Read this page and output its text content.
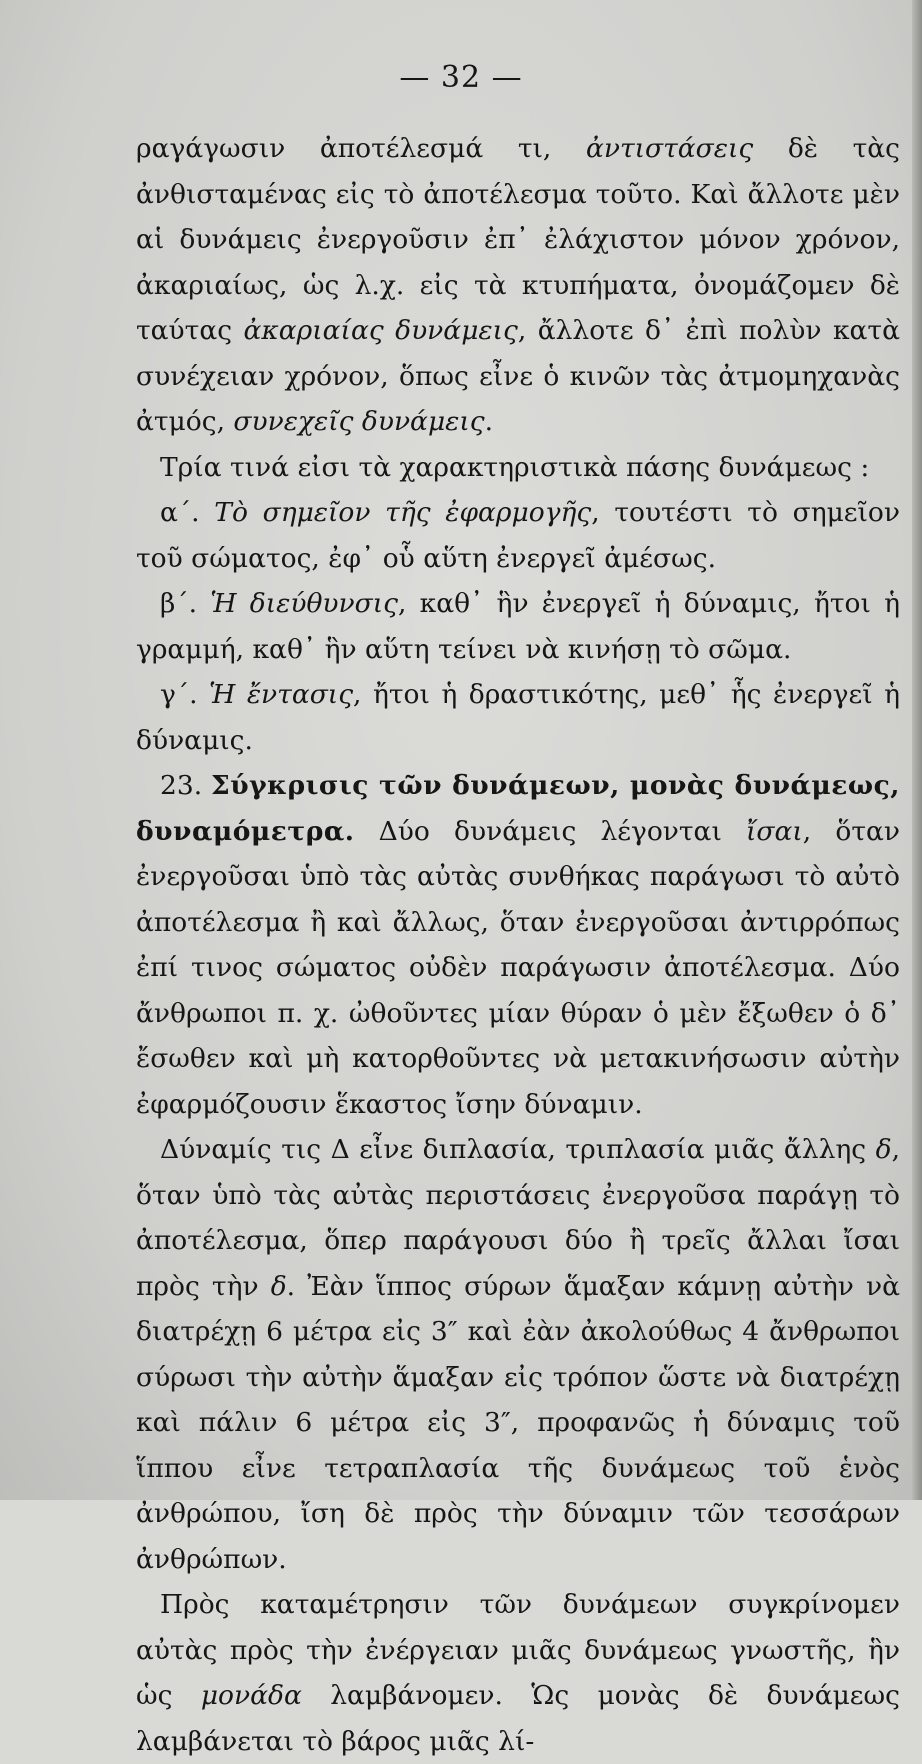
— 32 —

ραγάγωσιν ἀποτέλεσμά τι, ἀντιστάσεις δὲ τὰς ἀνθισταμένας εἰς τὸ ἀποτέλεσμα τοῦτο. Καὶ ἄλλοτε μὲν αἱ δυνάμεις ἐνεργοῦσιν ἐπ᾽ ἐλάχιστον μόνον χρόνον, ἀκαριαίως, ὡς λ.χ. εἰς τὰ κτυπήματα, ὀνομάζομεν δὲ ταύτας ἀκαριαίας δυνάμεις, ἄλλοτε δ᾽ ἐπὶ πολὺν κατὰ συνέχειαν χρόνον, ὅπως εἶνε ὁ κινῶν τὰς ἀτμομηχανὰς ἀτμός, συνεχεῖς δυνάμεις.

Τρία τινά εἰσι τὰ χαρακτηριστικὰ πάσης δυνάμεως :

α΄. Τὸ σημεῖον τῆς ἐφαρμογῆς, τουτέστι τὸ σημεῖον τοῦ σώματος, ἐφ᾽ οὗ αὕτη ἐνεργεῖ ἀμέσως.

β΄. Ἡ διεύθυνσις, καθ᾽ ἣν ἐνεργεῖ ἡ δύναμις, ἤτοι ἡ γραμμή, καθ᾽ ἣν αὕτη τείνει νὰ κινήσῃ τὸ σῶμα.

γ΄. Ἡ ἔντασις, ἤτοι ἡ δραστικότης, μεθ᾽ ἧς ἐνεργεῖ ἡ δύναμις.

23. Σύγκρισις τῶν δυνάμεων, μονὰς δυνάμεως, δυναμόμετρα. Δύο δυνάμεις λέγονται ἴσαι, ὅταν ἐνεργοῦσαι ὑπὸ τὰς αὐτὰς συνθήκας παράγωσι τὸ αὐτὸ ἀποτέλεσμα ἢ καὶ ἄλλως, ὅταν ἐνεργοῦσαι ἀντιρρόπως ἐπί τινος σώματος οὐδὲν παράγωσιν ἀποτέλεσμα. Δύο ἄνθρωποι π. χ. ὠθοῦντες μίαν θύραν ὁ μὲν ἔξωθεν ὁ δ᾽ ἔσωθεν καὶ μὴ κατορθοῦντες νὰ μετακινήσωσιν αὐτὴν ἐφαρμόζουσιν ἕκαστος ἴσην δύναμιν.

Δύναμίς τις Δ εἶνε διπλασία, τριπλασία μιᾶς ἄλλης δ, ὅταν ὑπὸ τὰς αὐτὰς περιστάσεις ἐνεργοῦσα παράγῃ τὸ ἀποτέλεσμα, ὅπερ παράγουσι δύο ἢ τρεῖς ἄλλαι ἴσαι πρὸς τὴν δ. Ἐὰν ἵππος σύρων ἅμαξαν κάμνῃ αὐτὴν νὰ διατρέχῃ 6 μέτρα εἰς 3″ καὶ ἐὰν ἀκολούθως 4 ἄνθρωποι σύρωσι τὴν αὐτὴν ἅμαξαν εἰς τρόπον ὥστε νὰ διατρέχῃ καὶ πάλιν 6 μέτρα εἰς 3″, προφανῶς ἡ δύναμις τοῦ ἵππου εἶνε τετραπλασία τῆς δυνάμεως τοῦ ἑνὸς ἀνθρώπου, ἴση δὲ πρὸς τὴν δύναμιν τῶν τεσσάρων ἀνθρώπων.

Πρὸς καταμέτρησιν τῶν δυνάμεων συγκρίνομεν αὐτὰς πρὸς τὴν ἐνέργειαν μιᾶς δυνάμεως γνωστῆς, ἣν ὡς μονάδα λαμβάνομεν. Ὡς μονὰς δὲ δυνάμεως λαμβάνεται τὸ βάρος μιᾶς λί-
